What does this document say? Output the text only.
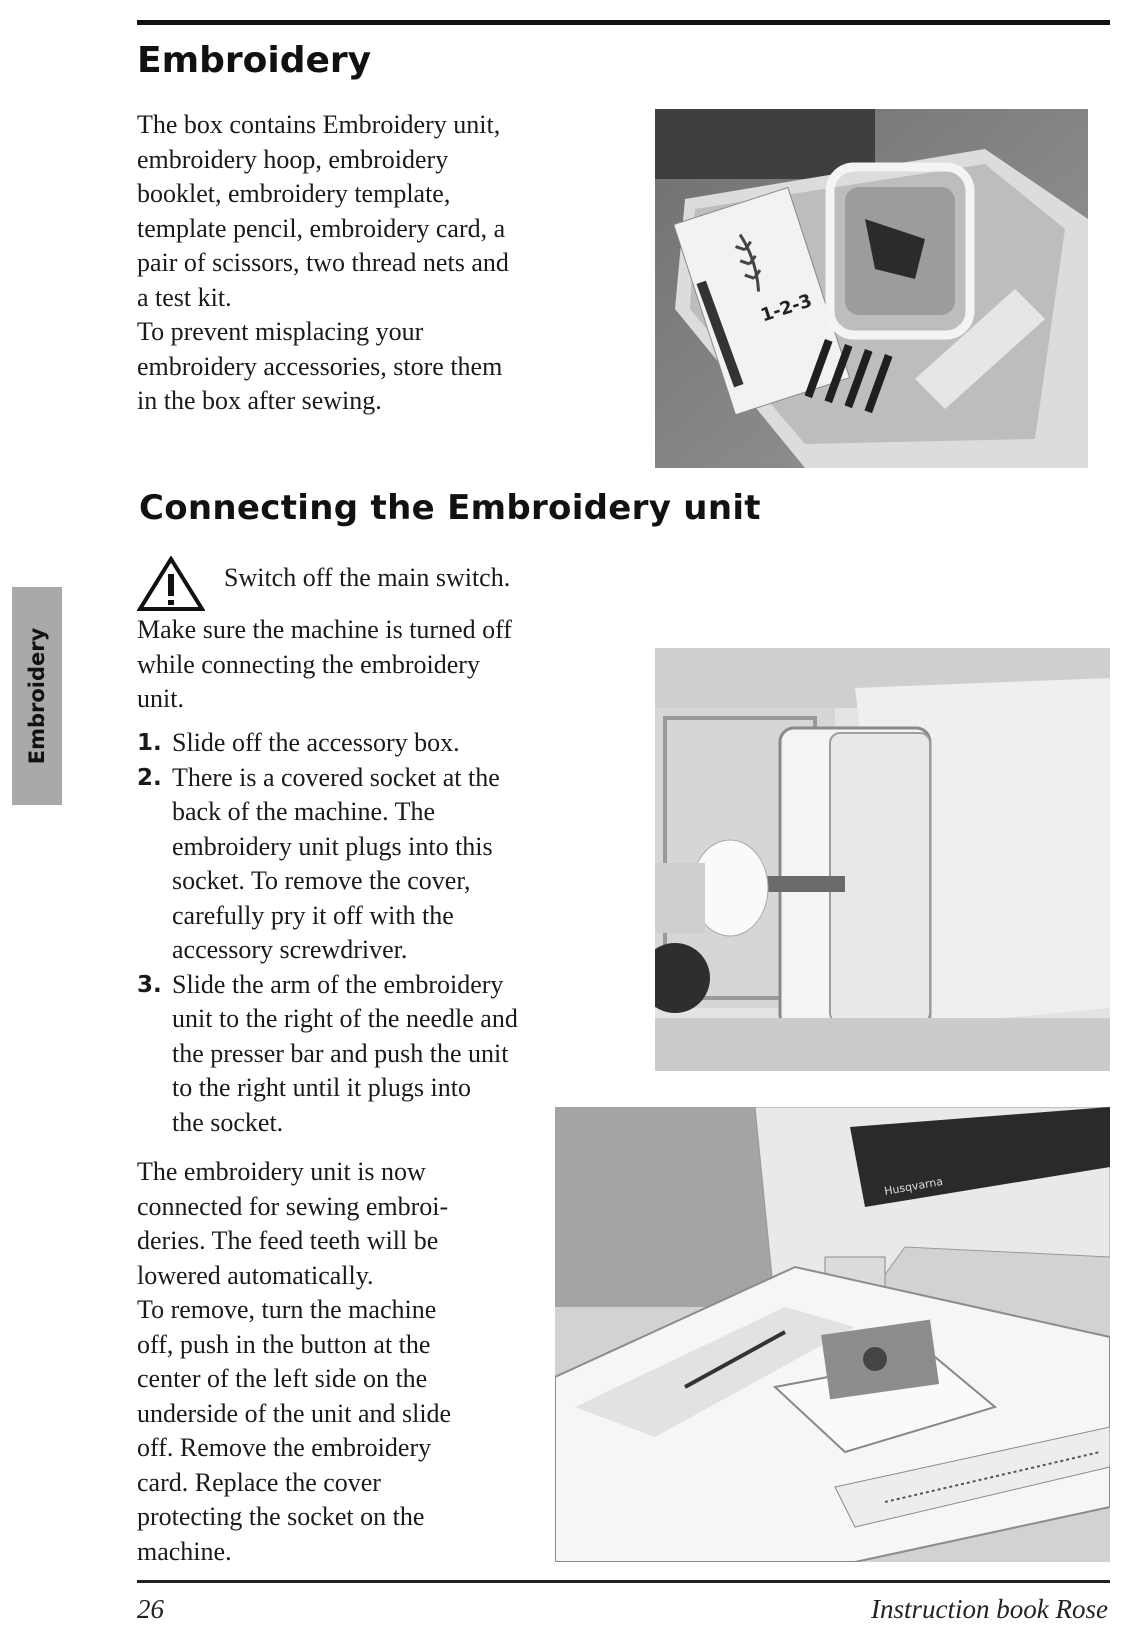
Embroidery

The box contains Embroidery unit,
embroidery hoop, embroidery
booklet, embroidery template,
template pencil, embroidery card, a
pair of scissors, two thread nets and
a test kit.
To prevent misplacing your
embroidery accessories, store them
in the box after sewing.

1-2-3
Connecting the Embroidery unit
Switch off the main switch.

Make sure the machine is turned off
while connecting the embroidery
unit.

1. Slide off the accessory box.
2. There is a covered socket at the
back of the machine. The
embroidery unit plugs into this
socket. To remove the cover,
carefully pry it off with the
accessory screwdriver.
3. Slide the arm of the embroidery
unit to the right of the needle and
the presser bar and push the unit
to the right until it plugs into
the socket.

The embroidery unit is now
connected for sewing embroi-
deries. The feed teeth will be
lowered automatically.
To remove, turn the machine
off, push in the button at the
center of the left side on the
underside of the unit and slide
off. Remove the embroidery
card. Replace the cover
protecting the socket on the
machine.

Husqvarna
Embroidery
26	Instruction book Rose
